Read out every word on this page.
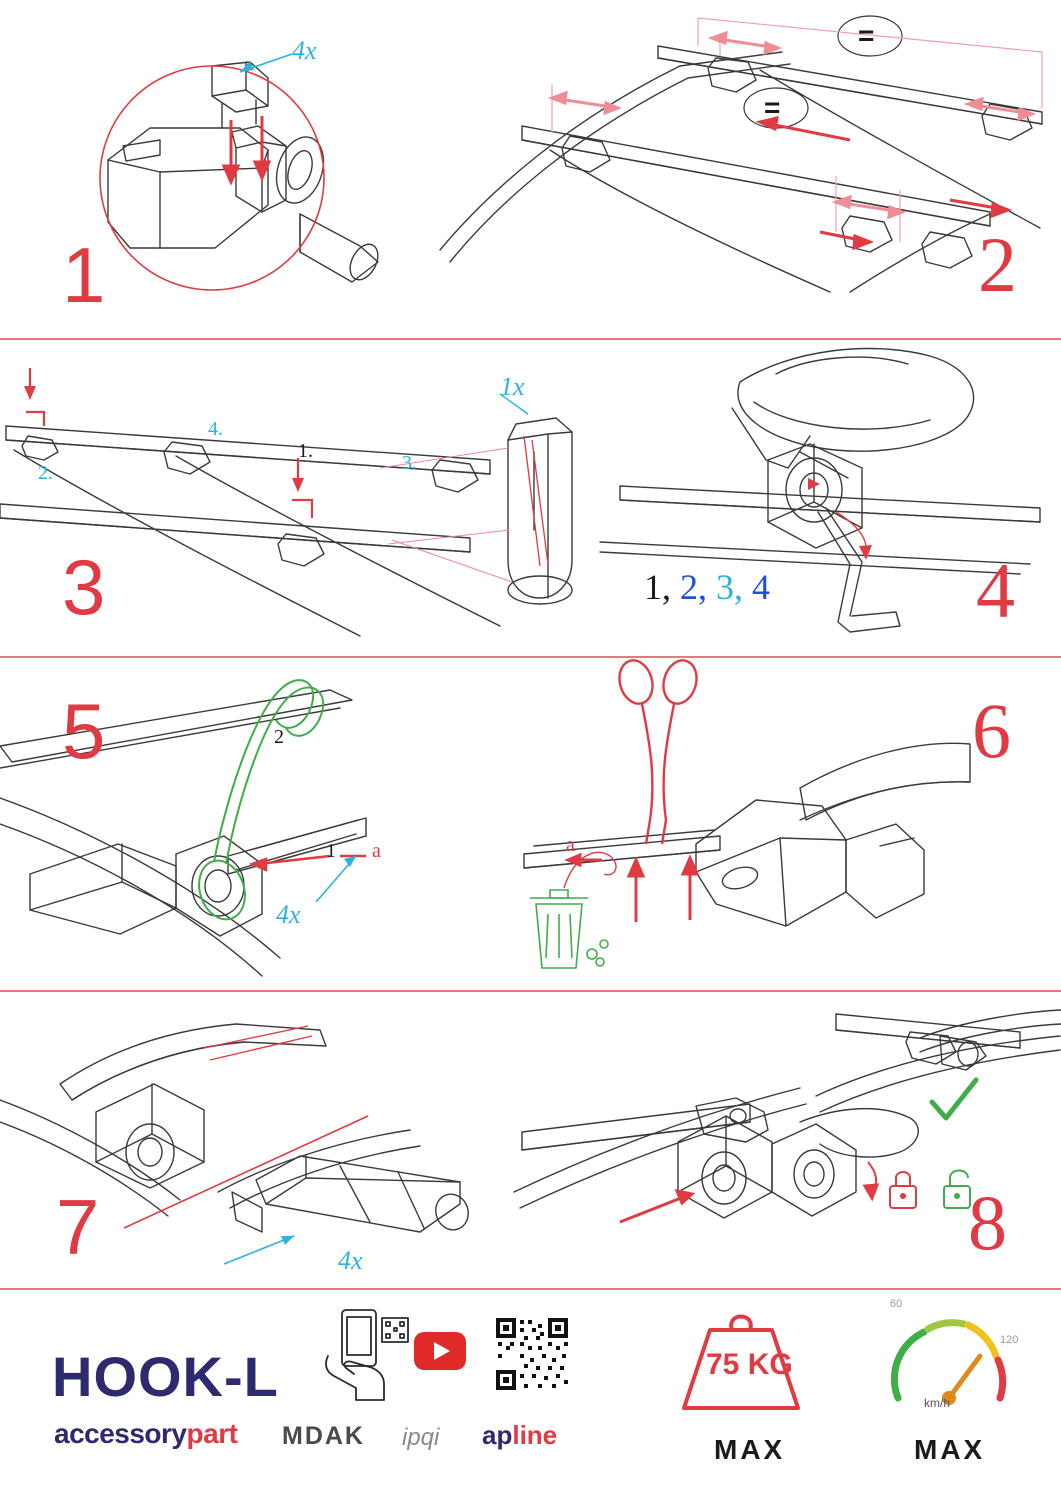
4x
1
=
=
2
1x
4.
2.
1.
3.
3	1, 2, 3, 4	4
5	2
1 a
4x
a
6
7	4x	8
HOOK-L
accessorypart MDAK ipqi apline
75 KG
MAX
60
120
km/h
MAX
